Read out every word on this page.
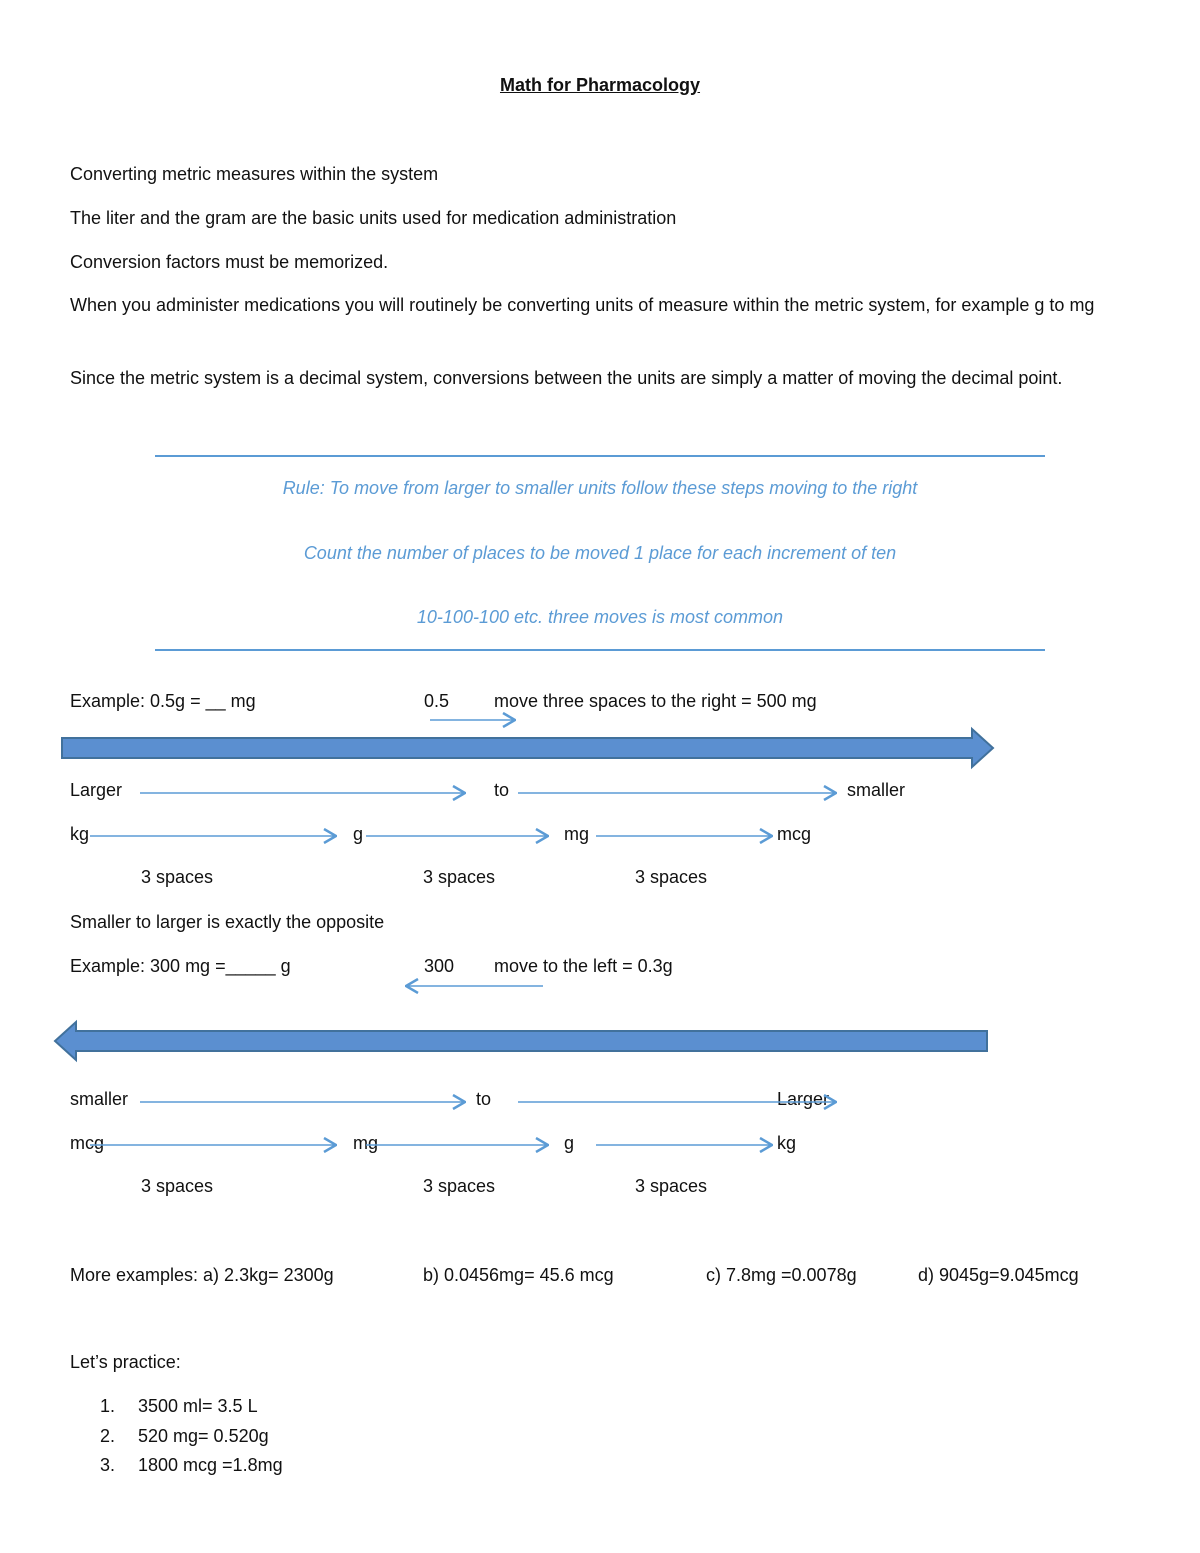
Math for Pharmacology
Converting metric measures within the system
The liter and the gram are the basic units used for medication administration
Conversion factors must be memorized.
When you administer medications you will routinely be converting units of measure within the metric system, for example g to mg
Since the metric system is a decimal system, conversions between the units are simply a matter of moving the decimal point.
Rule: To move from larger to smaller units follow these steps moving to the right
Count the number of places to be moved 1 place for each increment of ten
10-100-100 etc. three moves is most common
Example: 0.5g = __ mg	0.5 move three spaces to the right = 500 mg
Larger	to	smaller
kg	g	mg	mcg
3 spaces	3 spaces	3 spaces
Smaller to larger is exactly the opposite
Example: 300 mg =_____ g	300 move to the left = 0.3g
smaller	to	Larger
mcg	mg	g	kg
3 spaces	3 spaces	3 spaces
More examples: a) 2.3kg= 2300g	b) 0.0456mg= 45.6 mcg	c) 7.8mg =0.0078g	d) 9045g=9.045mcg
Let’s practice:
1. 3500 ml= 3.5 L
2. 520 mg= 0.520g
3. 1800 mcg =1.8mg
